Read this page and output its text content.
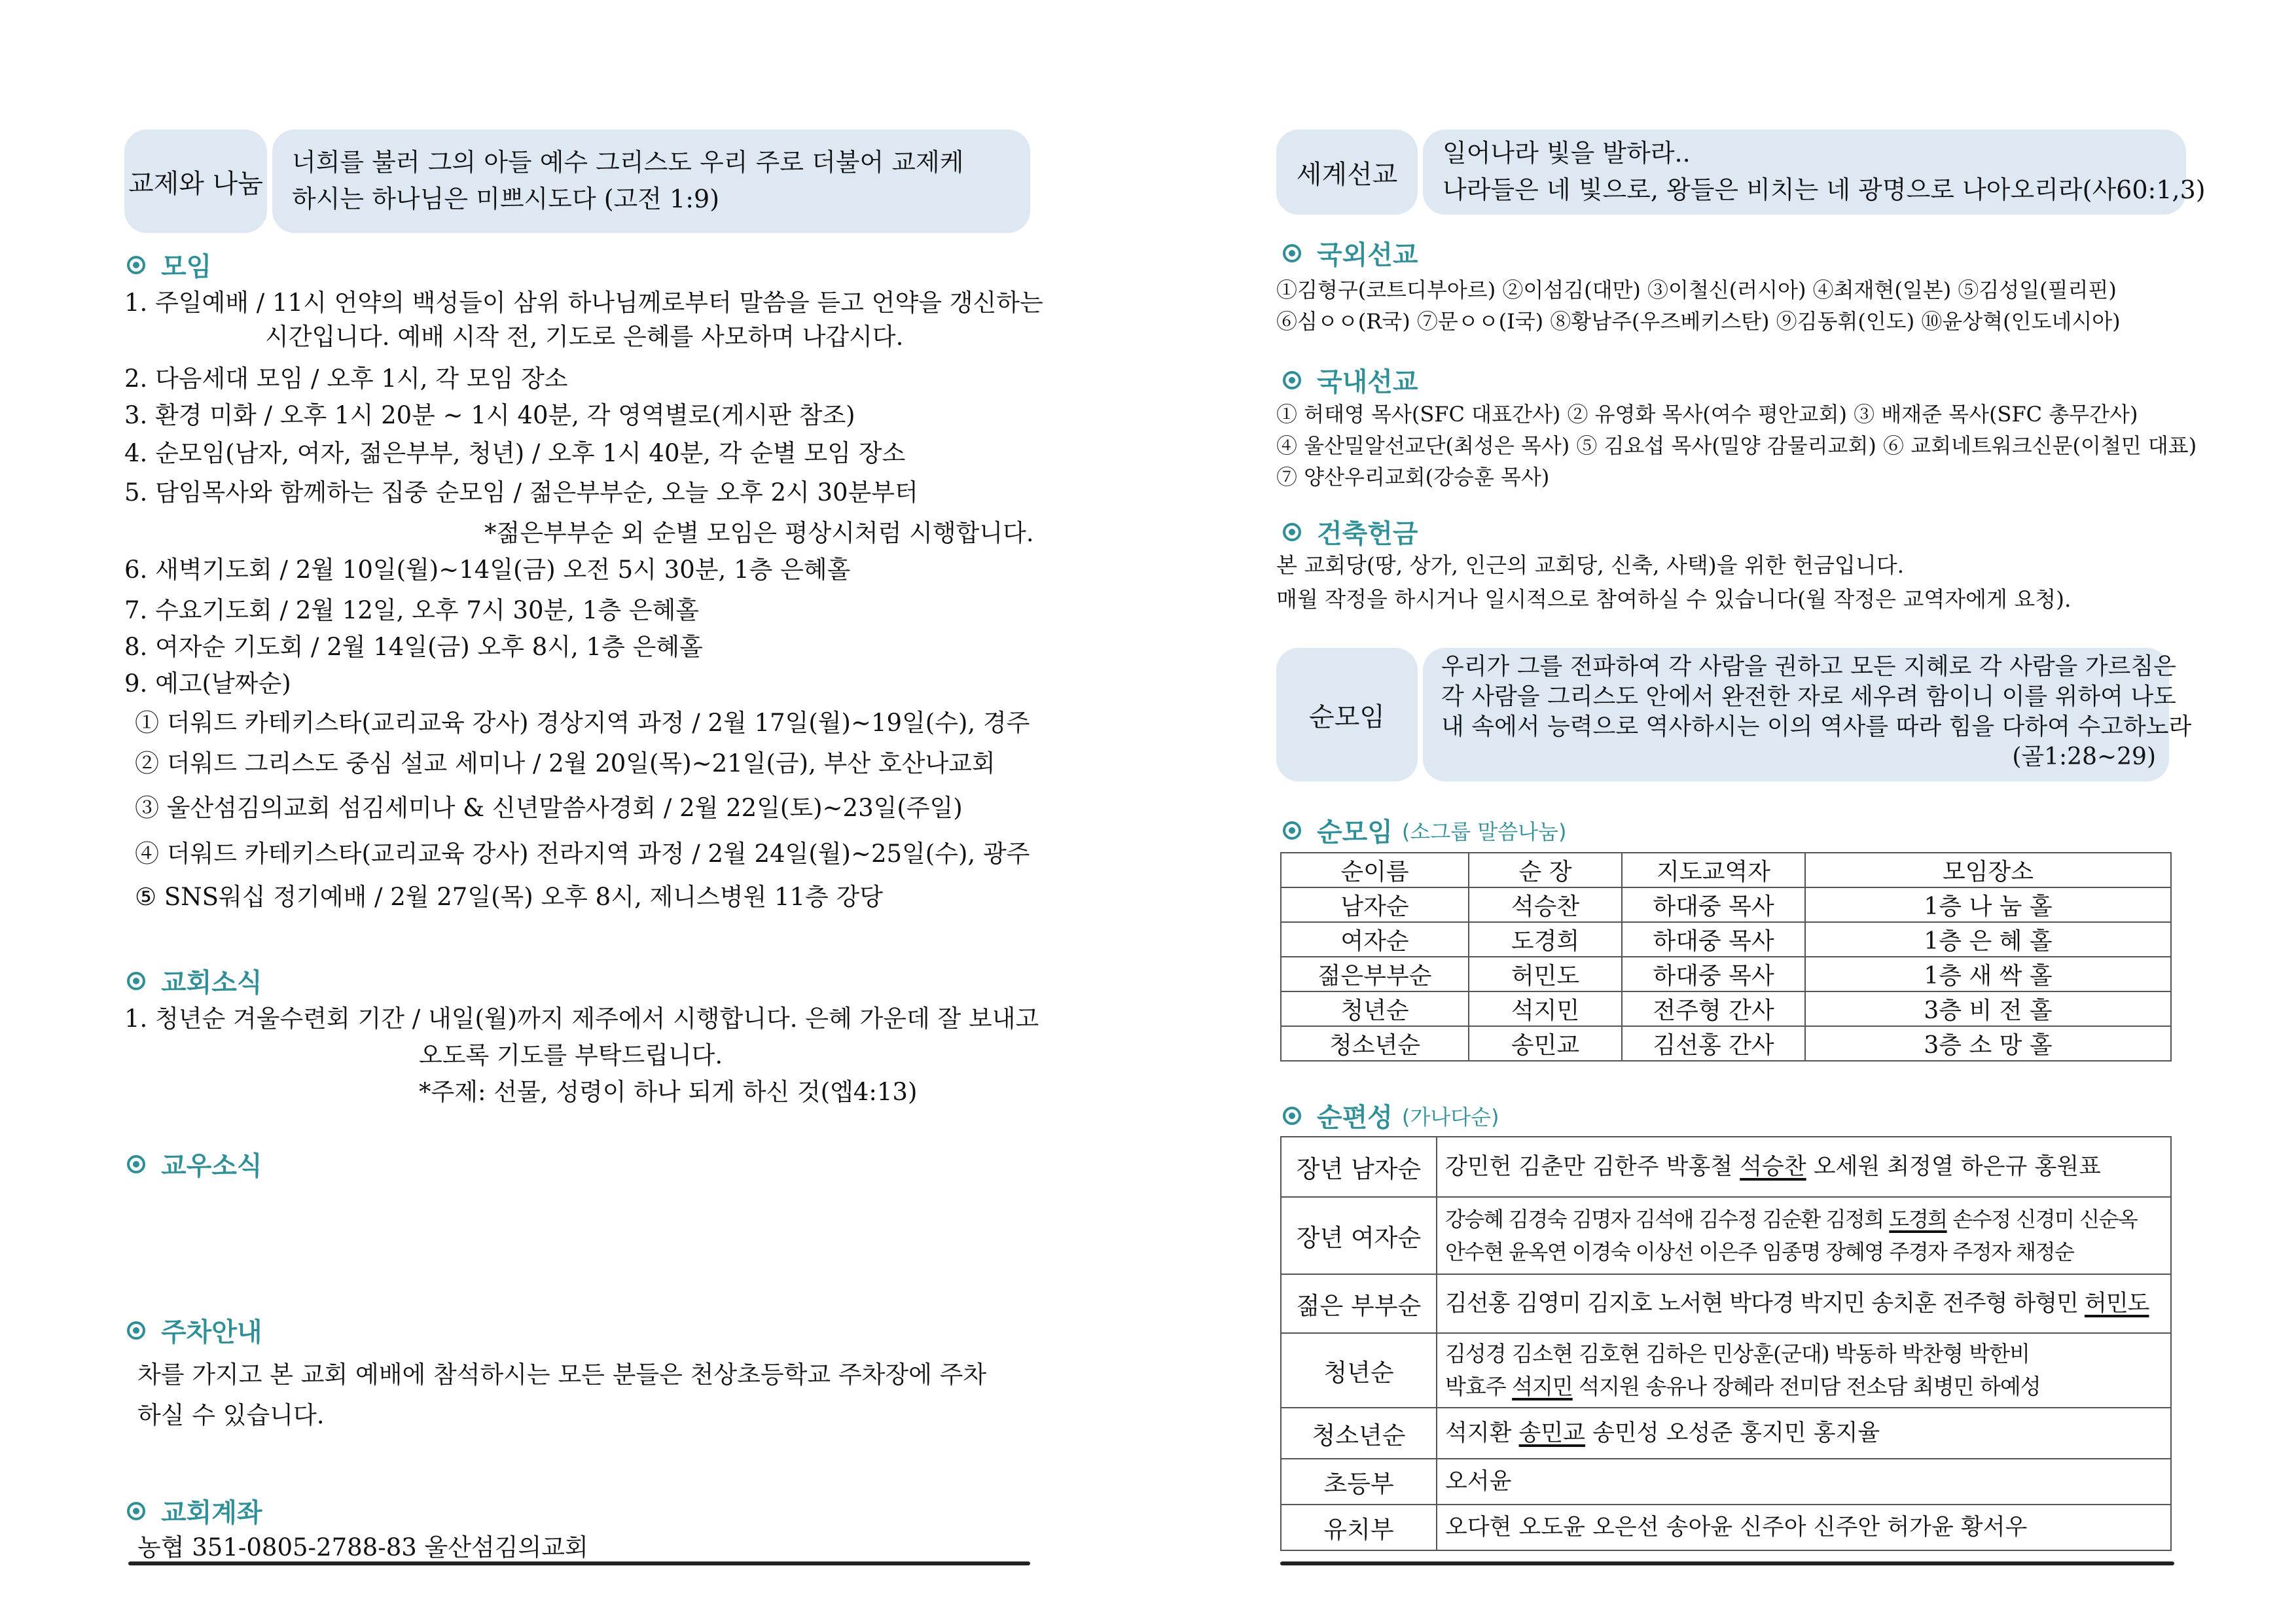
교제와 나눔
너희를 불러 그의 아들 예수 그리스도 우리 주로 더불어 교제케
하시는 하나님은 미쁘시도다 (고전 1:9)
모임
1. 주일예배 / 11시 언약의 백성들이 삼위 하나님께로부터 말씀을 듣고 언약을 갱신하는
시간입니다. 예배 시작 전, 기도로 은혜를 사모하며 나갑시다.
2. 다음세대 모임 / 오후 1시, 각 모임 장소
3. 환경 미화 / 오후 1시 20분 ~ 1시 40분, 각 영역별로(게시판 참조)
4. 순모임(남자, 여자, 젊은부부, 청년) / 오후 1시 40분, 각 순별 모임 장소
5. 담임목사와 함께하는 집중 순모임 / 젊은부부순, 오늘 오후 2시 30분부터
*젊은부부순 외 순별 모임은 평상시처럼 시행합니다.
6. 새벽기도회 / 2월 10일(월)~14일(금) 오전 5시 30분, 1층 은혜홀
7. 수요기도회 / 2월 12일, 오후 7시 30분, 1층 은혜홀
8. 여자순 기도회 / 2월 14일(금) 오후 8시, 1층 은혜홀
9. 예고(날짜순)
① 더워드 카테키스타(교리교육 강사) 경상지역 과정 / 2월 17일(월)~19일(수), 경주
② 더워드 그리스도 중심 설교 세미나 / 2월 20일(목)~21일(금), 부산 호산나교회
③ 울산섬김의교회 섬김세미나 & 신년말씀사경회 / 2월 22일(토)~23일(주일)
④ 더워드 카테키스타(교리교육 강사) 전라지역 과정 / 2월 24일(월)~25일(수), 광주
⑤ SNS워십 정기예배 / 2월 27일(목) 오후 8시, 제니스병원 11층 강당
교회소식
1. 청년순 겨울수련회 기간 / 내일(월)까지 제주에서 시행합니다. 은혜 가운데 잘 보내고
오도록 기도를 부탁드립니다.
*주제: 선물, 성령이 하나 되게 하신 것(엡4:13)
교우소식
주차안내
차를 가지고 본 교회 예배에 참석하시는 모든 분들은 천상초등학교 주차장에 주차
하실 수 있습니다.
교회계좌
농협 351-0805-2788-83 울산섬김의교회
세계선교
일어나라 빛을 발하라..
나라들은 네 빛으로, 왕들은 비치는 네 광명으로 나아오리라(사60:1,3)
국외선교
①김형구(코트디부아르) ②이섬김(대만) ③이철신(러시아) ④최재현(일본) ⑤김성일(필리핀)
⑥심ㅇㅇ(R국) ⑦문ㅇㅇ(I국) ⑧황남주(우즈베키스탄) ⑨김동휘(인도) ⑩윤상혁(인도네시아)
국내선교
① 허태영 목사(SFC 대표간사) ② 유영화 목사(여수 평안교회) ③ 배재준 목사(SFC 총무간사)
④ 울산밀알선교단(최성은 목사) ⑤ 김요섭 목사(밀양 감물리교회) ⑥ 교회네트워크신문(이철민 대표)
⑦ 양산우리교회(강승훈 목사)
건축헌금
본 교회당(땅, 상가, 인근의 교회당, 신축, 사택)을 위한 헌금입니다.
매월 작정을 하시거나 일시적으로 참여하실 수 있습니다(월 작정은 교역자에게 요청).
순모임
우리가 그를 전파하여 각 사람을 권하고 모든 지혜로 각 사람을 가르침은
각 사람을 그리스도 안에서 완전한 자로 세우려 함이니 이를 위하여 나도
내 속에서 능력으로 역사하시는 이의 역사를 따라 힘을 다하여 수고하노라
(골1:28~29)
순모임 (소그룹 말씀나눔)
순이름	순 장	지도교역자	모임장소
남자순	석승찬	하대중 목사	1층 나 눔 홀
여자순	도경희	하대중 목사	1층 은 혜 홀
젊은부부순	허민도	하대중 목사	1층 새 싹 홀
청년순	석지민	전주형 간사	3층 비 전 홀
청소년순	송민교	김선홍 간사	3층 소 망 홀
순편성 (가나다순)
장년 남자순	강민헌 김춘만 김한주 박홍철 석승찬 오세원 최정열 하은규 홍원표
장년 여자순	강승혜 김경숙 김명자 김석애 김수정 김순환 김정희 도경희 손수정 신경미 신순옥
안수현 윤옥연 이경숙 이상선 이은주 임종명 장혜영 주경자 주정자 채정순

젊은 부부순	김선홍 김영미 김지호 노서현 박다경 박지민 송치훈 전주형 하형민 허민도
청년순	김성경 김소현 김호현 김하은 민상훈(군대) 박동하 박찬형 박한비
박효주 석지민 석지원 송유나 장혜라 전미담 전소담 최병민 하예성

청소년순	석지환 송민교 송민성 오성준 홍지민 홍지율
초등부	오서윤
유치부	오다현 오도윤 오은선 송아윤 신주아 신주안 허가윤 황서우
